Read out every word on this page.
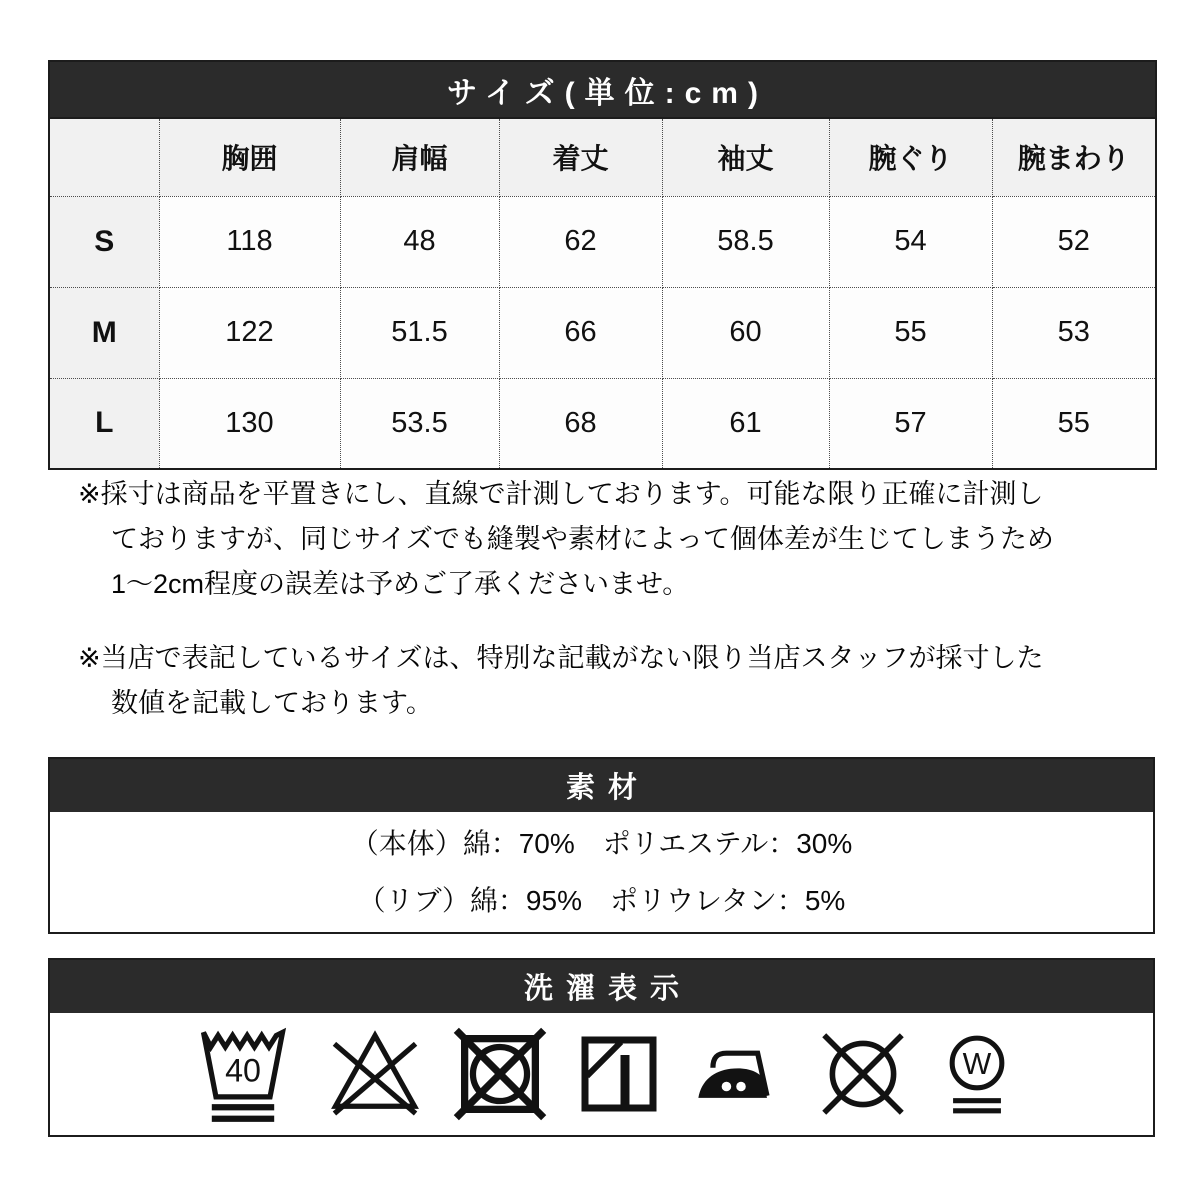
サイズ(単位:cm)						
	胸囲	肩幅	着丈	袖丈	腕ぐり	腕まわり
S	118	48	62	58.5	54	52
M	122	51.5	66	60	55	53
L	130	53.5	68	61	57	55
※採寸は商品を平置きにし、直線で計測しております。可能な限り正確に計測し
ておりますが、同じサイズでも縫製や素材によって個体差が生じてしまうため
1〜2cm程度の誤差は予めご了承くださいませ。
※当店で表記しているサイズは、特別な記載がない限り当店スタッフが採寸した
数値を記載しております。
素材
（本体）綿：70%　ポリエステル：30%
（リブ）綿：95%　ポリウレタン：5%
洗濯表示
40	W
